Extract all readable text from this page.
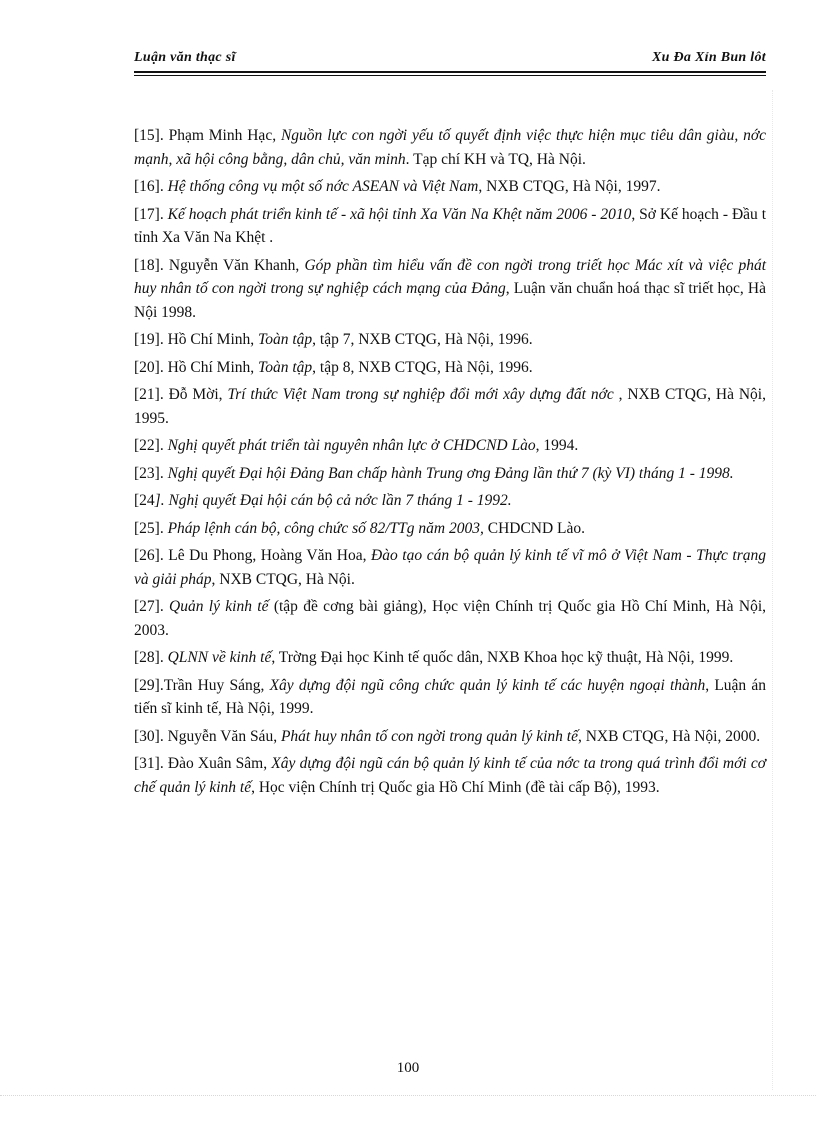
Luận văn thạc sĩ	Xu Đa Xỉn Bun lôt

[15]. Phạm Minh Hạc, Nguồn lực con ngời yếu tố quyết định việc thực hiện mục tiêu dân giàu, nớc mạnh, xã hội công bằng, dân chủ, văn minh. Tạp chí KH và TQ, Hà Nội.

[16]. Hệ thống công vụ một số nớc ASEAN và Việt Nam, NXB CTQG, Hà Nội, 1997.

[17]. Kế hoạch phát triển kinh tế - xã hội tỉnh Xa Văn Na Khệt năm 2006 - 2010, Sở Kế hoạch - Đầu t tỉnh Xa Văn Na Khệt .

[18]. Nguyễn Văn Khanh, Góp phần tìm hiểu vấn đề con ngời trong triết học Mác xít và việc phát huy nhân tố con ngời trong sự nghiệp cách mạng của Đảng, Luận văn chuẩn hoá thạc sĩ triết học, Hà Nội 1998.

[19]. Hồ Chí Minh, Toàn tập, tập 7, NXB CTQG, Hà Nội, 1996.

[20]. Hồ Chí Minh, Toàn tập, tập 8, NXB CTQG, Hà Nội, 1996.

[21]. Đỗ Mời, Trí thức Việt Nam trong sự nghiệp đổi mới xây dựng đất nớc , NXB CTQG, Hà Nội, 1995.

[22]. Nghị quyết phát triển tài nguyên nhân lực ở CHDCND Lào, 1994.

[23]. Nghị quyết Đại hội Đảng Ban chấp hành Trung ơng Đảng lần thứ 7 (kỳ VI) tháng 1 - 1998.

[24]. Nghị quyết Đại hội cán bộ cả nớc lần 7 tháng 1 - 1992.

[25]. Pháp lệnh cán bộ, công chức số 82/TTg năm 2003, CHDCND Lào.

[26]. Lê Du Phong, Hoàng Văn Hoa, Đào tạo cán bộ quản lý kinh tế vĩ mô ở Việt Nam - Thực trạng và giải pháp, NXB CTQG, Hà Nội.

[27]. Quản lý kinh tế (tập đề cơng bài giảng), Học viện Chính trị Quốc gia Hồ Chí Minh, Hà Nội, 2003.

[28]. QLNN về kinh tế, Trờng Đại học Kinh tế quốc dân, NXB Khoa học kỹ thuật, Hà Nội, 1999.

[29].Trần Huy Sáng, Xây dựng đội ngũ công chức quản lý kinh tế các huyện ngoại thành, Luận án tiến sĩ kinh tế, Hà Nội, 1999.

[30]. Nguyễn Văn Sáu, Phát huy nhân tố con ngời trong quản lý kinh tế, NXB CTQG, Hà Nội, 2000.

[31]. Đào Xuân Sâm, Xây dựng đội ngũ cán bộ quản lý kinh tế của nớc ta trong quá trình đổi mới cơ chế quản lý kinh tế, Học viện Chính trị Quốc gia Hồ Chí Minh (đề tài cấp Bộ), 1993.

100
